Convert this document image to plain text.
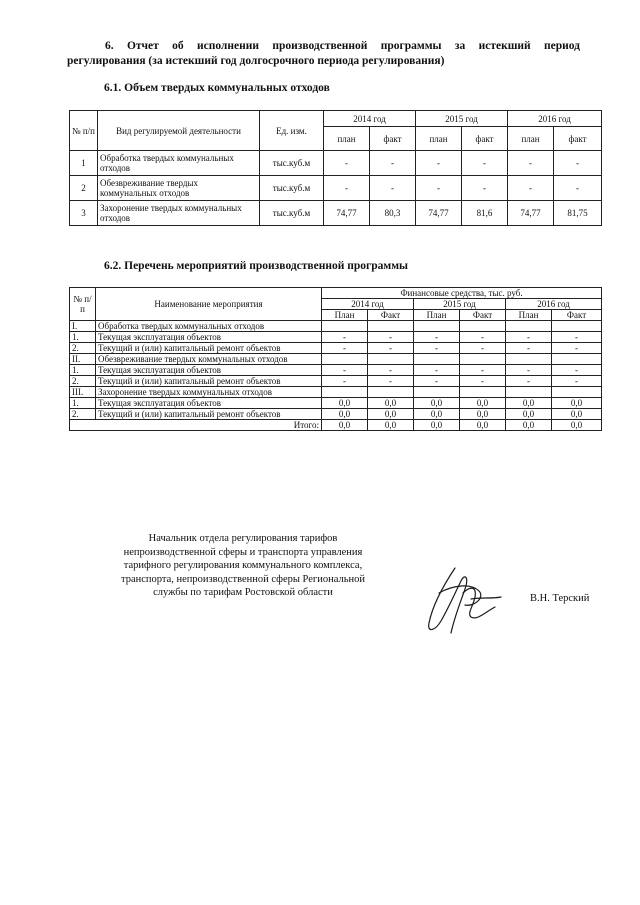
6. Отчет об исполнении производственной программы за истекший период
регулирования (за истекший год долгосрочного периода регулирования)
6.1. Объем твердых коммунальных отходов
№ п/п	Вид регулируемой деятельности	Ед. изм.	2014 год		2015 год		2016 год	
			план	факт	план	факт	план	факт
1	Обработка твердых коммунальных отходов	тыс.куб.м	-	-	-	-	-	-
2	Обезвреживание твердых коммунальных отходов	тыс.куб.м	-	-	-	-	-	-
3	Захоронение твердых коммунальных отходов	тыс.куб.м	74,77	80,3	74,77	81,6	74,77	81,75
6.2. Перечень мероприятий производственной программы
№ п/п	Наименование мероприятия	Финансовые средства, тыс. руб.					
		2014 год		2015 год		2016 год	
		План	Факт	План	Факт	План	Факт
I.	Обработка твердых коммунальных отходов						
1.	Текущая эксплуатация объектов	-	-	-	-	-	-
2.	Текущий и (или) капитальный ремонт объектов	-	-	-	-	-	-
II.	Обезвреживание твердых коммунальных отходов						
1.	Текущая эксплуатация объектов	-	-	-	-	-	-
2.	Текущий и (или) капитальный ремонт объектов	-	-	-	-	-	-
III.	Захоронение твердых коммунальных отходов						
1.	Текущая эксплуатация объектов	0,0	0,0	0,0	0,0	0,0	0,0
2.	Текущий и (или) капитальный ремонт объектов	0,0	0,0	0,0	0,0	0,0	0,0
Итого:		0,0	0,0	0,0	0,0	0,0	0,0
Начальник отдела регулирования тарифов
непроизводственной сферы и транспорта управления
тарифного регулирования коммунального комплекса,
транспорта, непроизводственной сферы Региональной
службы по тарифам Ростовской области
В.Н. Терский
